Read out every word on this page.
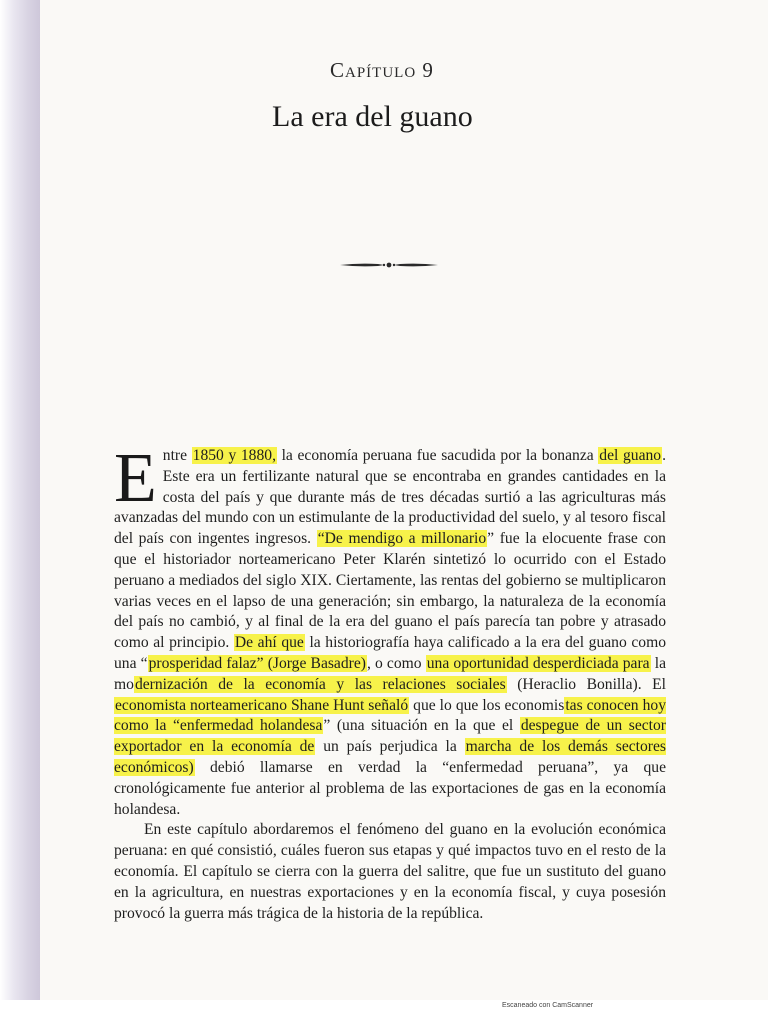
Capítulo 9
La era del guano

Entre 1850 y 1880, la economía peruana fue sacudida por la bonanza del guano. Este era un fertilizante natural que se encontraba en grandes cantidades en la costa del país y que durante más de tres décadas surtió a las agriculturas más avanzadas del mundo con un estimulante de la productividad del suelo, y al tesoro fiscal del país con ingentes ingresos. “De mendigo a millonario” fue la elocuente frase con que el historiador norteamericano Peter Klarén sintetizó lo ocurrido con el Estado peruano a mediados del siglo XIX. Ciertamente, las rentas del gobierno se multiplicaron varias veces en el lapso de una generación; sin embargo, la naturaleza de la economía del país no cambió, y al final de la era del guano el país parecía tan pobre y atrasado como al principio. De ahí que la historiografía haya calificado a la era del guano como una “prosperidad falaz” (Jorge Basadre), o como una oportunidad desperdiciada para la modernización de la economía y las relaciones sociales (Heraclio Bonilla). El economista norteamericano Shane Hunt señaló que lo que los economistas conocen hoy como la “enfermedad holandesa” (una situación en la que el despegue de un sector exportador en la economía de un país perjudica la marcha de los demás sectores económicos) debió llamarse en verdad la “enfermedad peruana”, ya que cronológicamente fue anterior al problema de las exportaciones de gas en la economía holandesa.

En este capítulo abordaremos el fenómeno del guano en la evolución económica peruana: en qué consistió, cuáles fueron sus etapas y qué impactos tuvo en el resto de la economía. El capítulo se cierra con la guerra del salitre, que fue un sustituto del guano en la agricultura, en nuestras exportaciones y en la economía fiscal, y cuya posesión provocó la guerra más trágica de la historia de la república.

Escaneado con CamScanner
